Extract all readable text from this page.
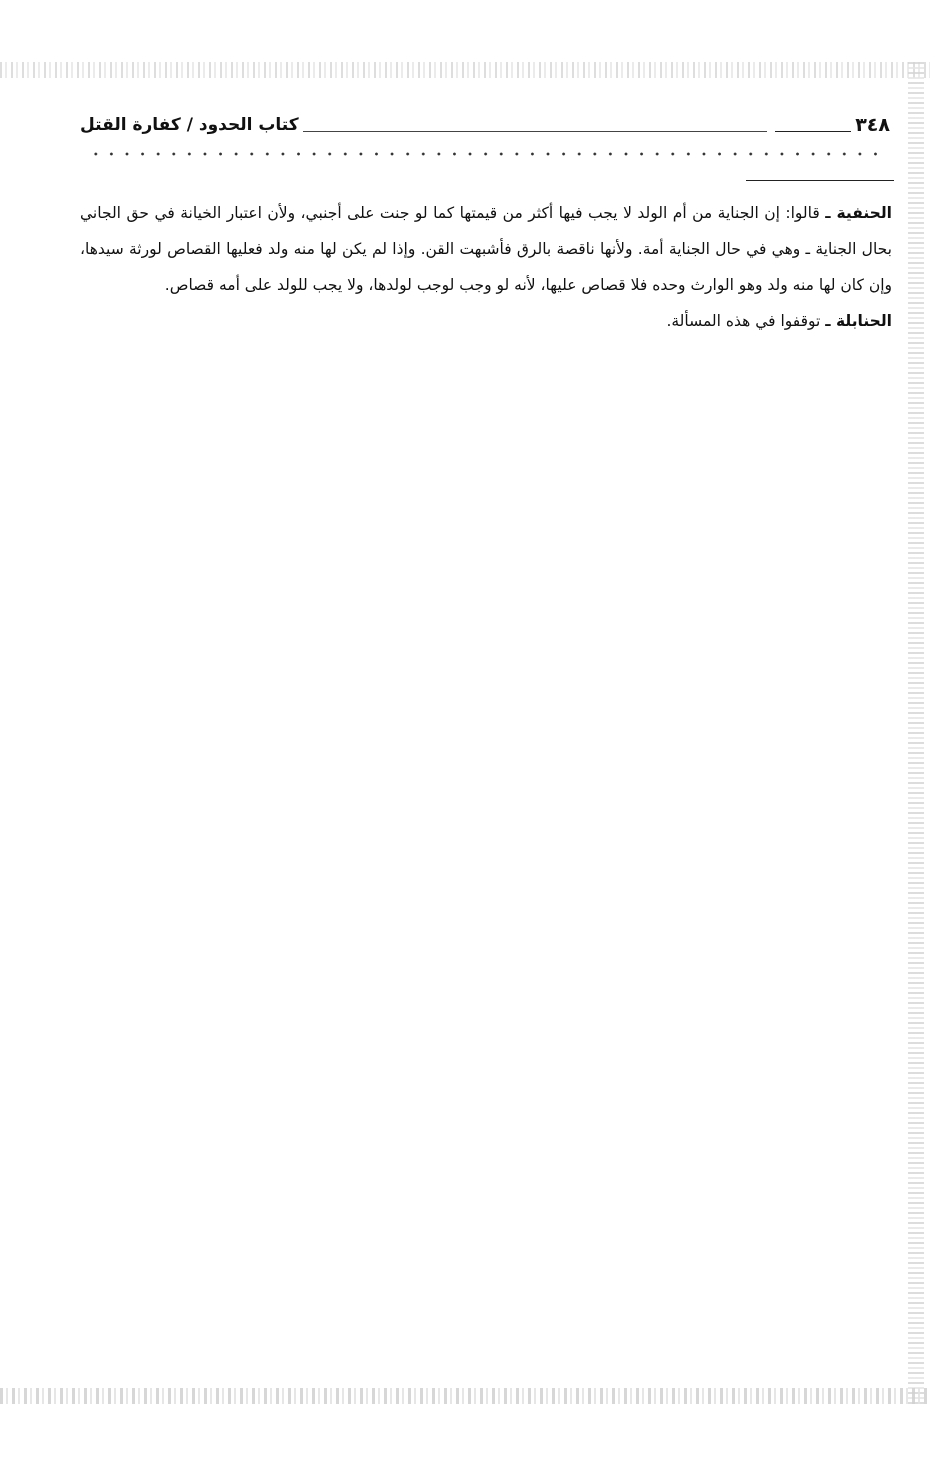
٣٤٨
كتاب الحدود / كفارة القتل

الحنفية ـ قالوا: إن الجناية من أم الولد لا يجب فيها أكثر من قيمتها كما لو جنت على أجنبي، ولأن اعتبار الخيانة في حق الجاني بحال الجناية ـ وهي في حال الجناية أمة. ولأنها ناقصة بالرق فأشبهت القن. وإذا لم يكن لها منه ولد فعليها القصاص لورثة سيدها، وإن كان لها منه ولد وهو الوارث وحده فلا قصاص عليها، لأنه لو وجب لوجب لولدها، ولا يجب للولد على أمه قصاص.

الحنابلة ـ توقفوا في هذه المسألة.
